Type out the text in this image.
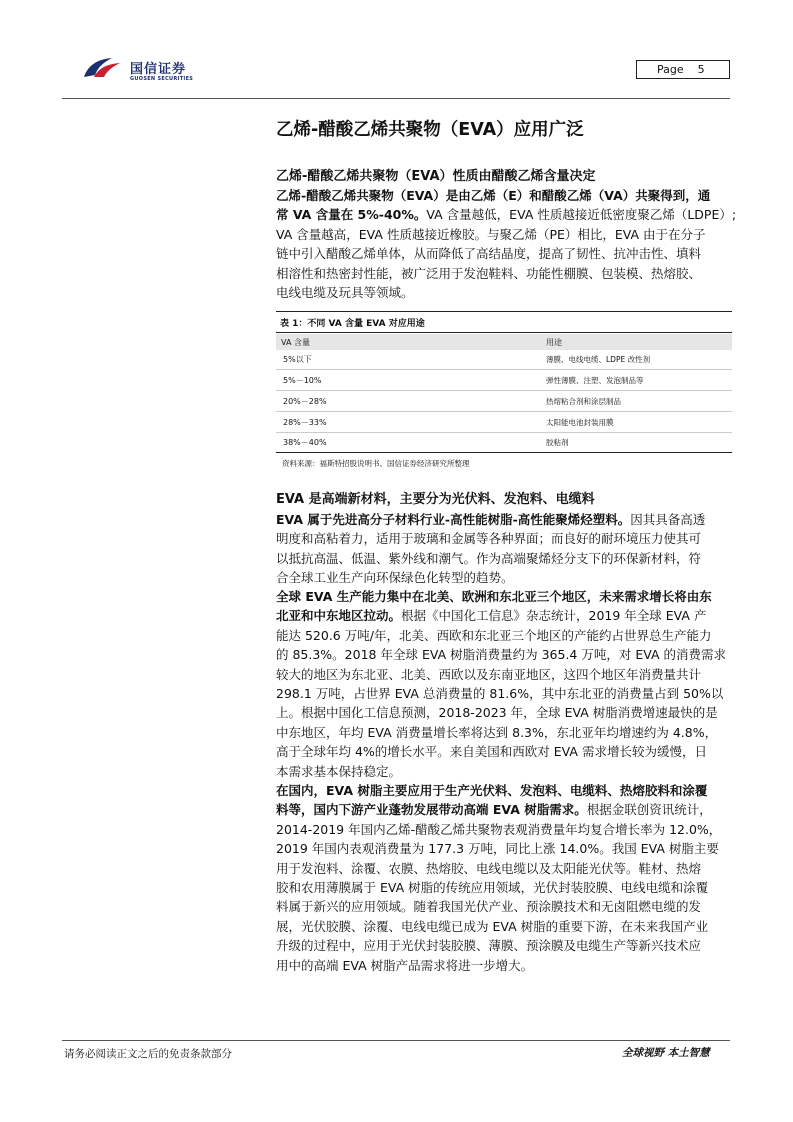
国信证券
GUOSEN SECURITIES
Page 5
乙烯-醋酸乙烯共聚物（EVA）应用广泛
乙烯-醋酸乙烯共聚物（EVA）性质由醋酸乙烯含量决定
乙烯-醋酸乙烯共聚物（EVA）是由乙烯（E）和醋酸乙烯（VA）共聚得到，通
常 VA 含量在 5%-40%。VA 含量越低，EVA 性质越接近低密度聚乙烯（LDPE）;
VA 含量越高，EVA 性质越接近橡胶。与聚乙烯（PE）相比，EVA 由于在分子
链中引入醋酸乙烯单体，从而降低了高结晶度，提高了韧性、抗冲击性、填料
相溶性和热密封性能，被广泛用于发泡鞋料、功能性棚膜、包装模、热熔胶、
电线电缆及玩具等领域。
表 1：不同 VA 含量 EVA 对应用途
VA 含量	用途
5%以下	薄膜、电线电缆、LDPE 改性剂
5%－10%	弹性薄膜、注塑、发泡制品等
20%－28%	热熔粘合剂和涂层制品
28%－33%	太阳能电池封装用膜
38%－40%	胶粘剂
资料来源：福斯特招股说明书、国信证券经济研究所整理
EVA 是高端新材料，主要分为光伏料、发泡料、电缆料
EVA 属于先进高分子材料行业-高性能树脂-高性能聚烯烃塑料。因其具备高透
明度和高粘着力，适用于玻璃和金属等各种界面；而良好的耐环境压力使其可
以抵抗高温、低温、紫外线和潮气。作为高端聚烯烃分支下的环保新材料，符
合全球工业生产向环保绿色化转型的趋势。
全球 EVA 生产能力集中在北美、欧洲和东北亚三个地区，未来需求增长将由东
北亚和中东地区拉动。根据《中国化工信息》杂志统计，2019 年全球 EVA 产
能达 520.6 万吨/年，北美、西欧和东北亚三个地区的产能约占世界总生产能力
的 85.3%。2018 年全球 EVA 树脂消费量约为 365.4 万吨，对 EVA 的消费需求
较大的地区为东北亚、北美、西欧以及东南亚地区，这四个地区年消费量共计
298.1 万吨，占世界 EVA 总消费量的 81.6%，其中东北亚的消费量占到 50%以
上。根据中国化工信息预测，2018-2023 年，全球 EVA 树脂消费增速最快的是
中东地区，年均 EVA 消费量增长率将达到 8.3%，东北亚年均增速约为 4.8%，
高于全球年均 4%的增长水平。来自美国和西欧对 EVA 需求增长较为缓慢，日
本需求基本保持稳定。
在国内，EVA 树脂主要应用于生产光伏料、发泡料、电缆料、热熔胶料和涂覆
料等，国内下游产业蓬勃发展带动高端 EVA 树脂需求。根据金联创资讯统计，
2014-2019 年国内乙烯-醋酸乙烯共聚物表观消费量年均复合增长率为 12.0%，
2019 年国内表观消费量为 177.3 万吨，同比上涨 14.0%。我国 EVA 树脂主要
用于发泡料、涂覆、农膜、热熔胶、电线电缆以及太阳能光伏等。鞋材、热熔
胶和农用薄膜属于 EVA 树脂的传统应用领域，光伏封装胶膜、电线电缆和涂覆
料属于新兴的应用领域。随着我国光伏产业、预涂膜技术和无卤阻燃电缆的发
展，光伏胶膜、涂覆、电线电缆已成为 EVA 树脂的重要下游，在未来我国产业
升级的过程中，应用于光伏封装胶膜、薄膜、预涂膜及电缆生产等新兴技术应
用中的高端 EVA 树脂产品需求将进一步增大。
请务必阅读正文之后的免责条款部分	全球视野 本土智慧
